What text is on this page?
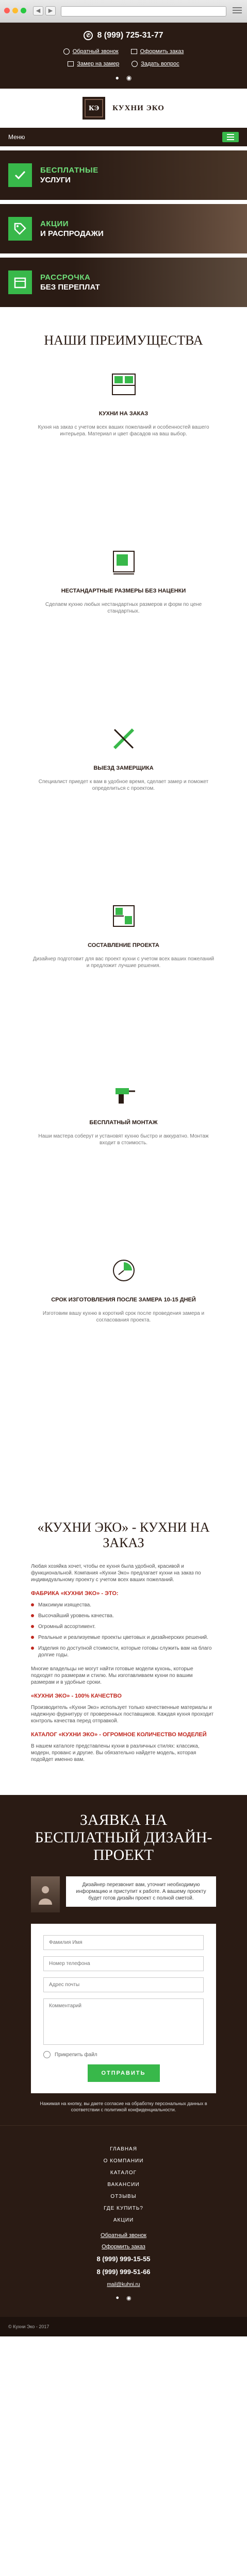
◀	▶
✆ 8 (999) 725-31-77
Обратный звонок	Оформить заказ
Замер на замер	Задать вопрос
● ◉
КЭ	КУХНИ ЭКО
Меню
БЕСПЛАТНЫЕ
УСЛУГИ
АКЦИИ
И РАСПРОДАЖИ
РАССРОЧКА
БЕЗ ПЕРЕПЛАТ
НАШИ ПРЕИМУЩЕСТВА
КУХНИ НА ЗАКАЗ
Кухня на заказ с учетом всех ваших пожеланий и особенностей вашего интерьера. Материал и цвет фасадов на ваш выбор.
НЕСТАНДАРТНЫЕ РАЗМЕРЫ БЕЗ НАЦЕНКИ
Сделаем кухню любых нестандартных размеров и форм по цене стандартных.
ВЫЕЗД ЗАМЕРЩИКА
Специалист приедет к вам в удобное время, сделает замер и поможет определиться с проектом.
СОСТАВЛЕНИЕ ПРОЕКТА
Дизайнер подготовит для вас проект кухни с учетом всех ваших пожеланий и предложит лучшие решения.
БЕСПЛАТНЫЙ МОНТАЖ
Наши мастера соберут и установят кухню быстро и аккуратно. Монтаж входит в стоимость.
СРОК ИЗГОТОВЛЕНИЯ ПОСЛЕ ЗАМЕРА 10-15 ДНЕЙ
Изготовим вашу кухню в короткий срок после проведения замера и согласования проекта.
«КУХНИ ЭКО» - КУХНИ НА ЗАКАЗ

Любая хозяйка хочет, чтобы ее кухня была удобной, красивой и функциональной. Компания «Кухни Эко» предлагает кухни на заказ по индивидуальному проекту с учетом всех ваших пожеланий.

ФАБРИКА «КУХНИ ЭКО» - ЭТО:
Максимум изящества.
Высочайший уровень качества.
Огромный ассортимент.
Реальные и реализуемые проекты цветовых и дизайнерских решений.
Изделия по доступной стоимости, которые готовы служить вам на благо долгие годы.

Многие владельцы не могут найти готовые модели кухонь, которые подходят по размерам и стилю. Мы изготавливаем кухни по вашим размерам и в удобные сроки.

«КУХНИ ЭКО» - 100% КАЧЕСТВО

Производитель «Кухни Эко» использует только качественные материалы и надежную фурнитуру от проверенных поставщиков. Каждая кухня проходит контроль качества перед отправкой.

КАТАЛОГ «КУХНИ ЭКО» - ОГРОМНОЕ КОЛИЧЕСТВО МОДЕЛЕЙ

В нашем каталоге представлены кухни в различных стилях: классика, модерн, прованс и другие. Вы обязательно найдете модель, которая подойдет именно вам.

ЗАЯВКА НА БЕСПЛАТНЫЙ ДИЗАЙН-ПРОЕКТ
Дизайнер перезвонит вам, уточнит необходимую информацию и приступит к работе. А вашему проекту будет готов дизайн проект с полной сметой.
Фамилия Имя
Номер телефона
Адрес почты
Комментарий
Прикрепить файл
ОТПРАВИТЬ
Нажимая на кнопку, вы даете согласие на обработку персональных данных в соответствии с политикой конфиденциальности.
ГЛАВНАЯ
О КОМПАНИИ
КАТАЛОГ
ВАКАНСИИ
ОТЗЫВЫ
ГДЕ КУПИТЬ?
АКЦИИ
Обратный звонок
Оформить заказ
8 (999) 999-15-55
8 (999) 999-51-66
mail@kuhni.ru
● ◉
© Кухни Эко - 2017
